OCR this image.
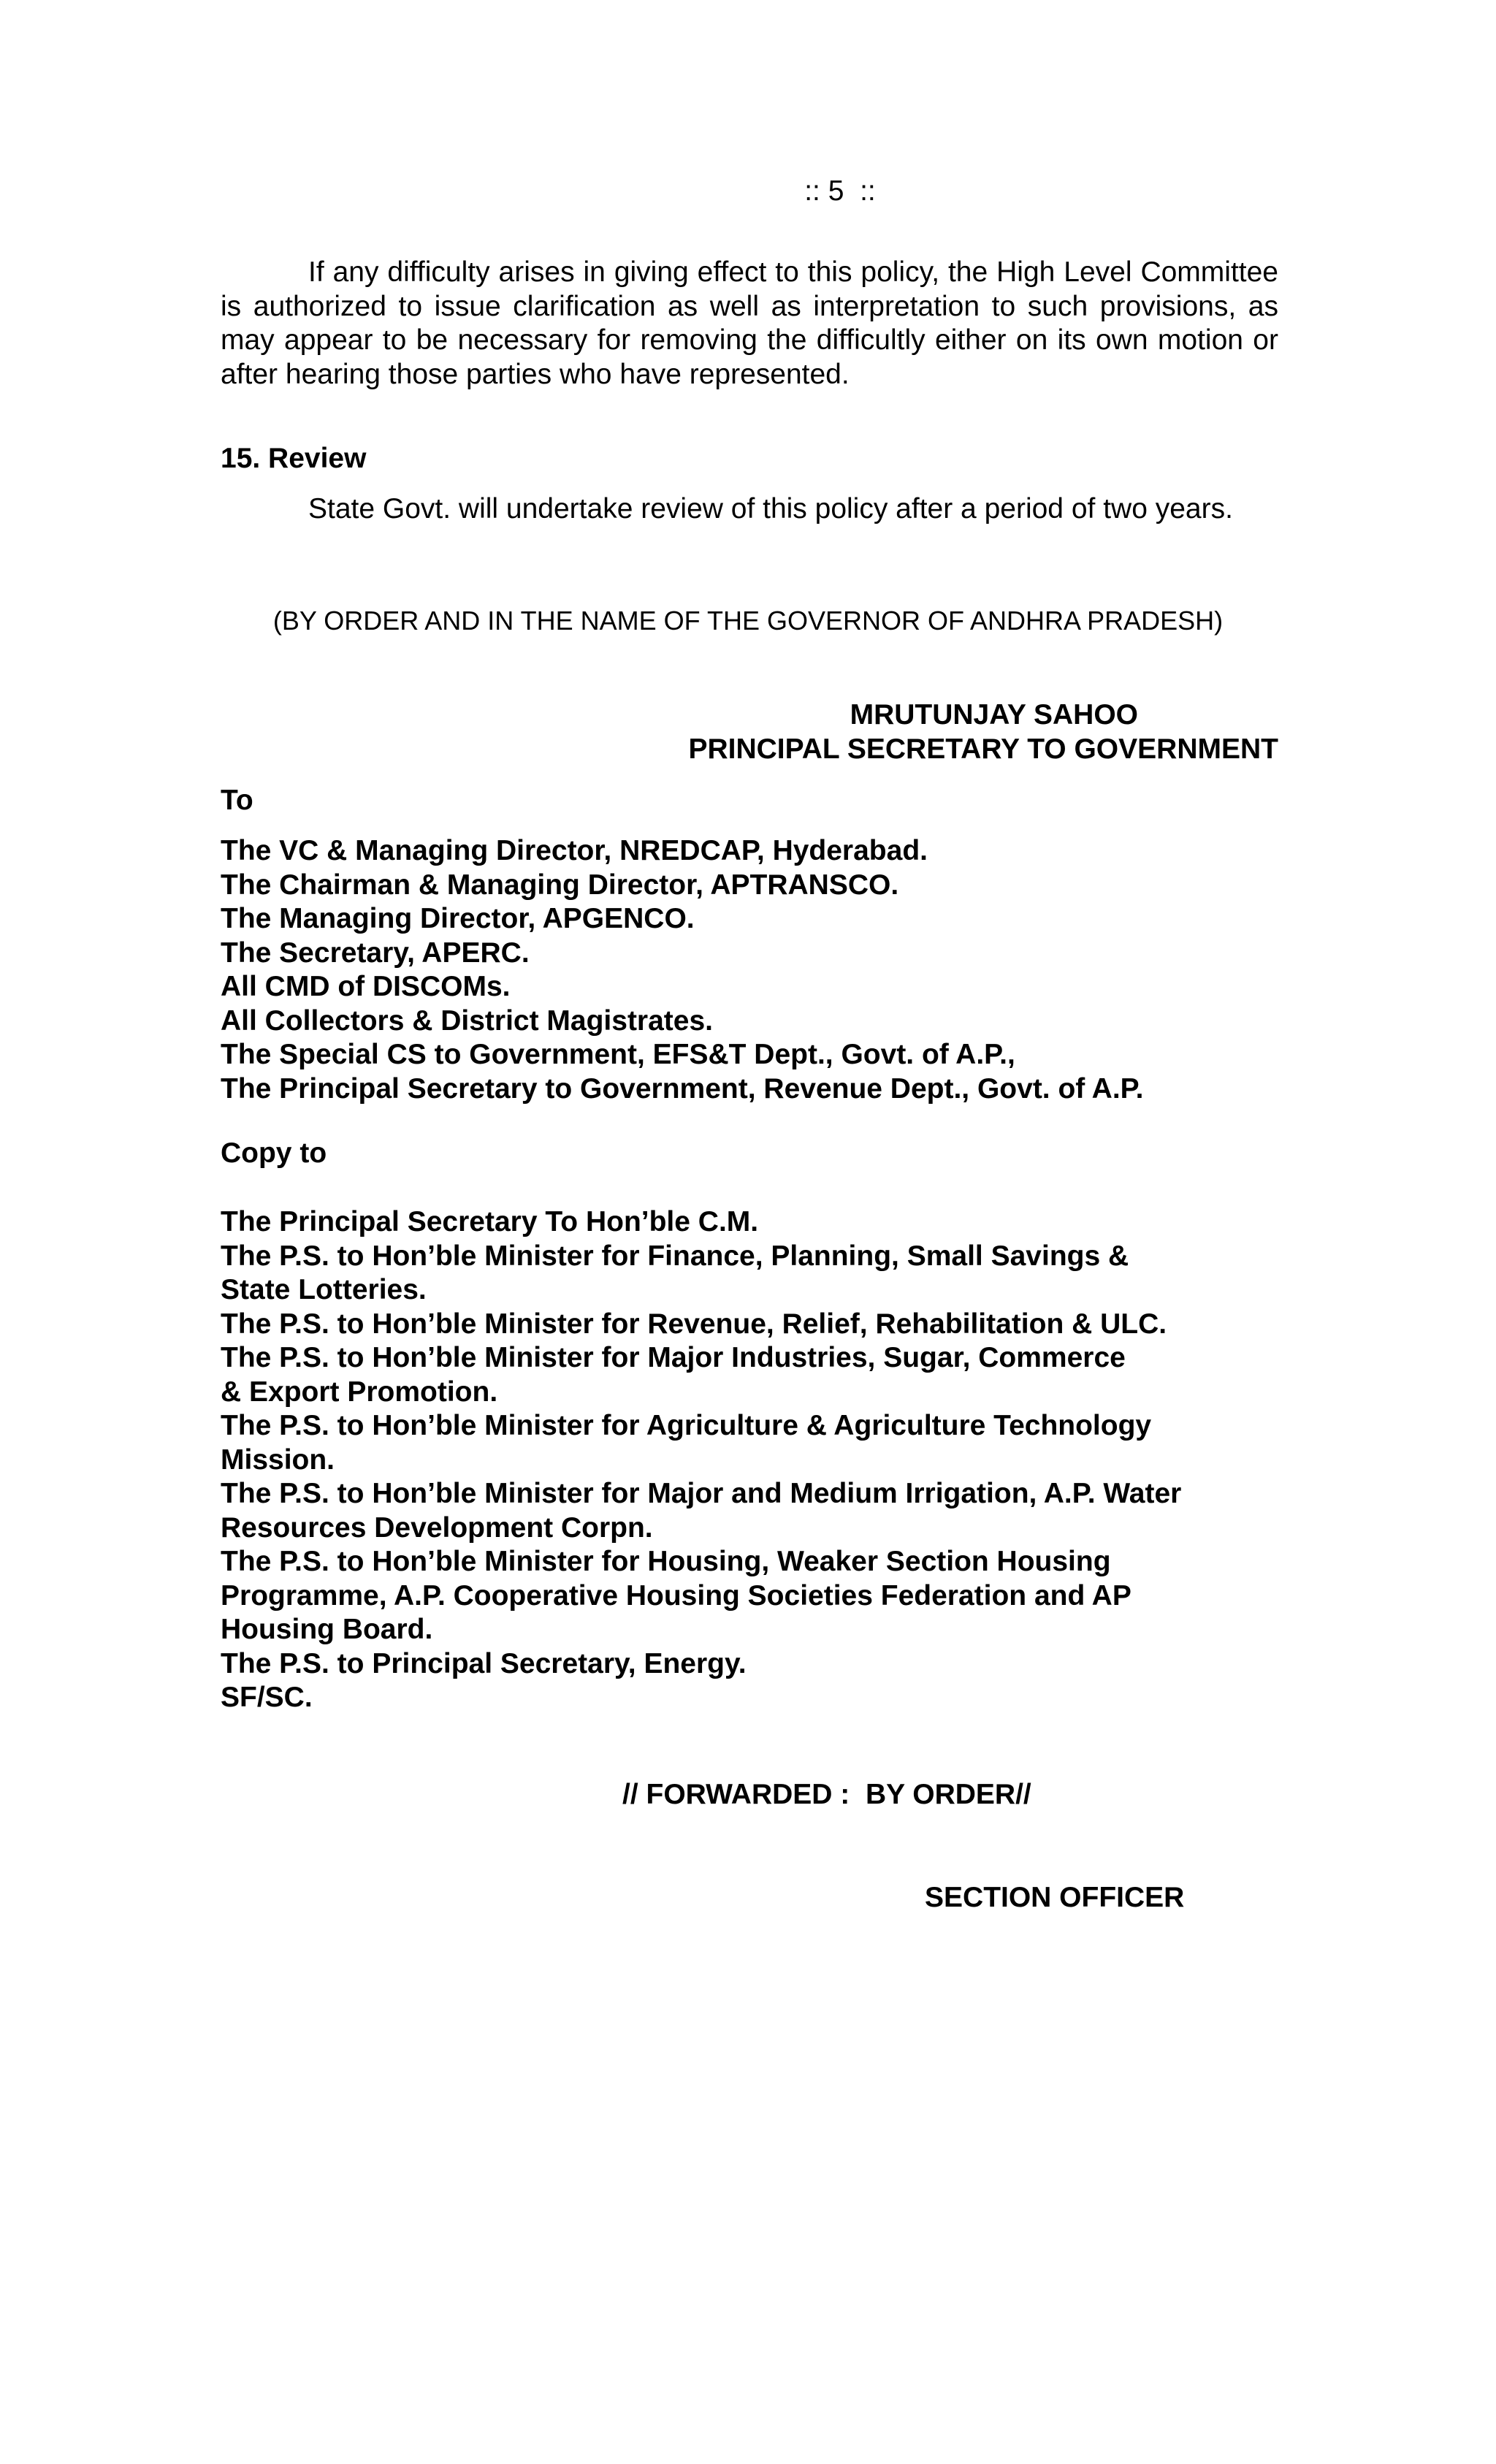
:: 5  ::
If any difficulty arises in giving effect to this policy, the High Level Committee is authorized to issue clarification as well as interpretation to such provisions, as may appear to be necessary for removing the difficultly either on its own motion or after hearing those parties who have represented.
15. Review
State Govt. will undertake review of this policy after a period of two years.
(BY ORDER AND IN THE NAME OF THE GOVERNOR OF ANDHRA PRADESH)
MRUTUNJAY SAHOO
PRINCIPAL SECRETARY TO GOVERNMENT
To
The VC & Managing Director, NREDCAP, Hyderabad.
The Chairman & Managing Director, APTRANSCO.
The Managing Director, APGENCO.
The Secretary, APERC.
All CMD of DISCOMs.
All Collectors & District Magistrates.
The Special CS to Government, EFS&T Dept., Govt. of A.P.,
The Principal Secretary to Government, Revenue Dept., Govt. of A.P.
Copy to
The Principal Secretary To Hon’ble C.M.
The P.S. to Hon’ble Minister for Finance, Planning, Small Savings &
State Lotteries.
The P.S. to Hon’ble Minister for Revenue, Relief, Rehabilitation & ULC.
The P.S. to Hon’ble Minister for Major Industries, Sugar, Commerce
& Export Promotion.
The P.S. to Hon’ble Minister for Agriculture & Agriculture Technology
Mission.
The P.S. to Hon’ble Minister for Major and Medium Irrigation, A.P. Water
Resources Development Corpn.
The P.S. to Hon’ble Minister for Housing, Weaker Section Housing
Programme, A.P. Cooperative Housing Societies Federation and AP
Housing Board.
The P.S. to Principal Secretary, Energy.
SF/SC.
// FORWARDED :  BY ORDER//
SECTION OFFICER
